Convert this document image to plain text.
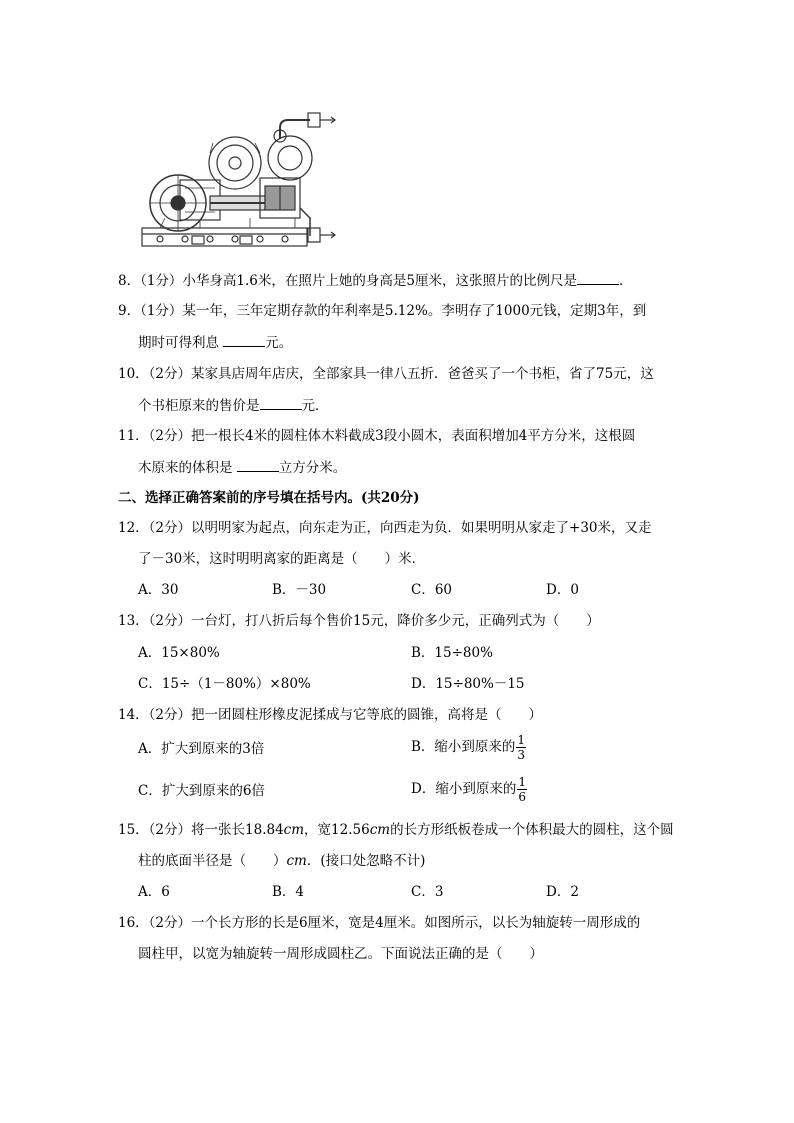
8．（1分）小华身高1.6米，在照片上她的身高是5厘米，这张照片的比例尺是	．
9．（1分）某一年，三年定期存款的年利率是5.12%。李明存了1000元钱，定期3年，到
期时可得利息	元。
10．（2分）某家具店周年店庆，全部家具一律八五折．爸爸买了一个书柜，省了75元，这
个书柜原来的售价是	元．
11．（2分）把一根长4米的圆柱体木料截成3段小圆木，表面积增加4平方分米，这根圆
木原来的体积是	立方分米。
二、选择正确答案前的序号填在括号内。(共20分)
12．（2分）以明明家为起点，向东走为正，向西走为负．如果明明从家走了+30米，又走
了－30米，这时明明离家的距离是（　　）米．
A．30	B．－30	C．60	D．0
13．（2分）一台灯，打八折后每个售价15元，降价多少元，正确列式为（　　）
A．15×80%	B．15÷80%
C．15÷（1－80%）×80%	D．15÷80%－15
14．（2分）把一团圆柱形橡皮泥揉成与它等底的圆锥，高将是（　　）
A．扩大到原来的3倍	B．缩小到原来的 $\frac{1}{3}$
C．扩大到原来的6倍	D．缩小到原来的 $\frac{1}{6}$
15．（2分）将一张长18.84cm，宽12.56cm的长方形纸板卷成一个体积最大的圆柱，这个圆
柱的底面半径是（　　）cm．(接口处忽略不计)
A．6	B．4	C．3	D．2
16．（2分）一个长方形的长是6厘米，宽是4厘米。如图所示，以长为轴旋转一周形成的
圆柱甲，以宽为轴旋转一周形成圆柱乙。下面说法正确的是（　　）
